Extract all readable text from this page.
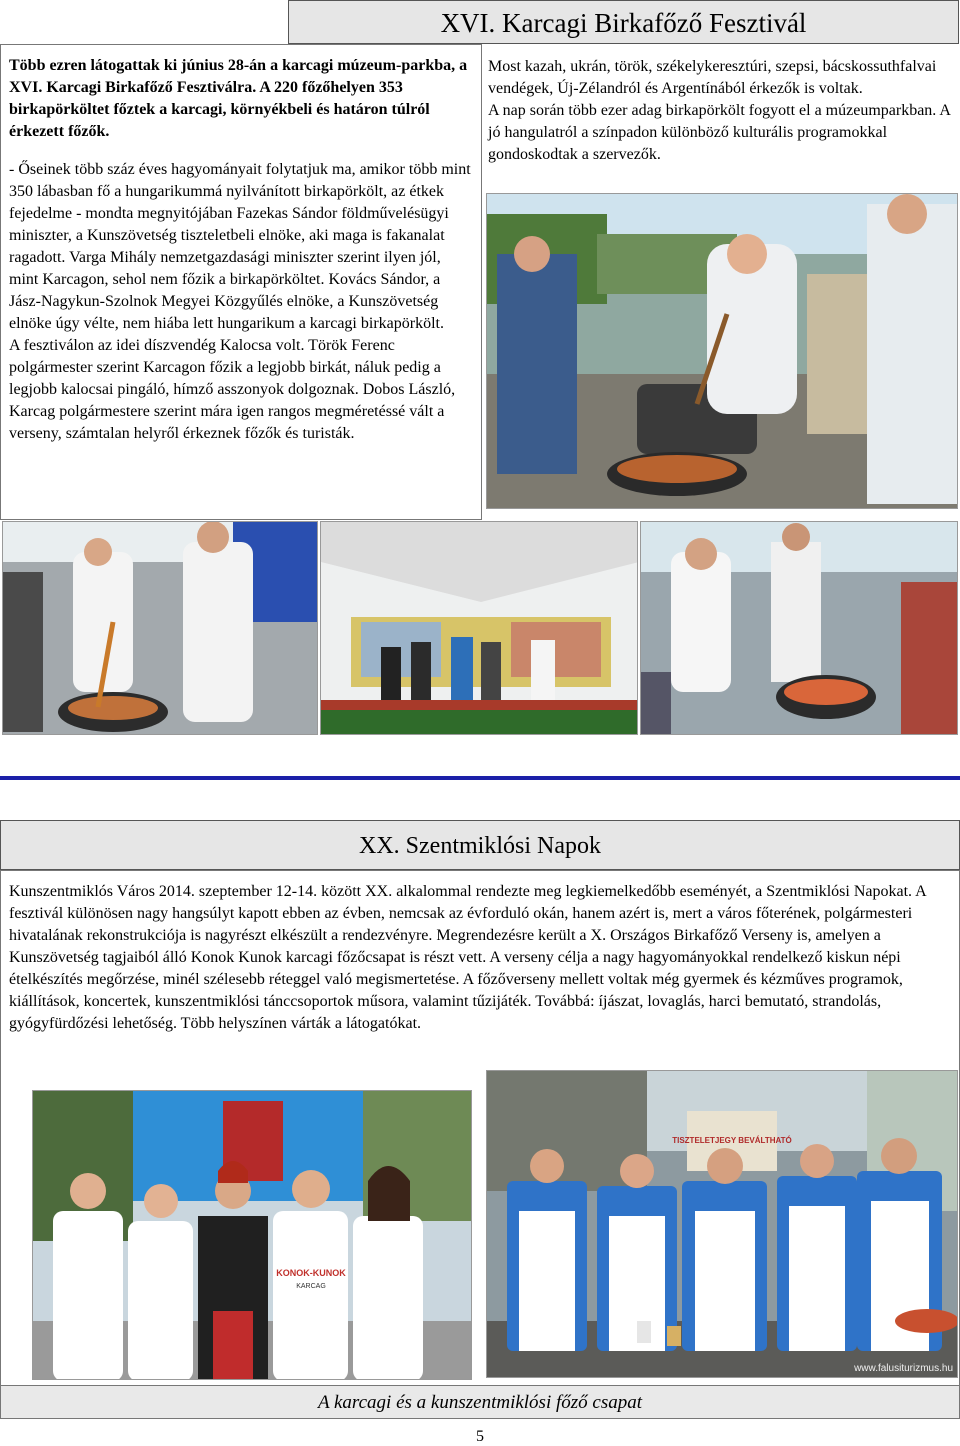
XVI. Karcagi Birkafőző Fesztivál

Több ezren látogattak ki június 28-án a karcagi múzeum-parkba, a XVI. Karcagi Birkafőző Fesztiválra. A 220 főzőhelyen 353 birkapörköltet főztek a karcagi, környékbeli és határon túlról érkezett főzők.

- Őseinek több száz éves hagyományait folytatjuk ma, amikor több mint 350 lábasban fő a hungarikummá nyilvánított birkapörkölt, az étkek fejedelme - mondta megnyitójában Fazekas Sándor földművelésügyi miniszter, a Kunszövetség tiszteletbeli elnöke, aki maga is fakanalat ragadott. Varga Mihály nemzetgazdasági miniszter szerint ilyen jól, mint Karcagon, sehol nem főzik a birkapörköltet. Kovács Sándor, a Jász-Nagykun-Szolnok Megyei Közgyűlés elnöke, a Kunszövetség elnöke úgy vélte, nem hiába lett hungarikum a karcagi birkapörkölt.

A fesztiválon az idei díszvendég Kalocsa volt. Török Ferenc polgármester szerint Karcagon főzik a legjobb birkát, náluk pedig a legjobb kalocsai pingáló, hímző asszonyok dolgoznak. Dobos László, Karcag polgármestere szerint mára igen rangos megméretéssé vált a verseny, számtalan helyről érkeznek főzők és turisták.

Most kazah, ukrán, török, székelykeresztúri, szepsi, bácskossuthfalvai vendégek, Új-Zélandról és Argentínából érkezők is voltak.

A nap során több ezer adag birkapörkölt fogyott el a múzeumparkban. A jó hangulatról a színpadon különböző kulturális programokkal gondoskodtak a szervezők.

XX. Szentmiklósi Napok

Kunszentmiklós Város 2014. szeptember 12-14. között XX. alkalommal rendezte meg legkiemelkedőbb eseményét, a Szentmiklósi Napokat. A fesztivál különösen nagy hangsúlyt kapott ebben az évben, nemcsak az évforduló okán, hanem azért is, mert a város főterének, polgármesteri hivatalának rekonstrukciója is nagyrészt elkészült a rendezvényre. Megrendezésre került a X. Országos Birkafőző Verseny is, amelyen a Kunszövetség tagjaiból álló Konok Kunok karcagi főzőcsapat is részt vett. A verseny célja a nagy hagyományokkal rendelkező kiskun népi ételkészítés megőrzése, minél szélesebb réteggel való megismertetése. A főzőverseny mellett voltak még gyermek és kézműves programok, kiállítások, koncertek, kunszentmiklósi tánccsoportok műsora, valamint tűzijáték. Továbbá: íjászat, lovaglás, harci bemutató, strandolás, gyógyfürdőzési lehetőség. Több helyszínen várták a látogatókat.

KONOK-KUNOK
KARCAG
TISZTELETJEGY BEVÁLTHATÓ
www.falusiturizmus.hu
A karcagi és a kunszentmiklósi főző csapat
5
